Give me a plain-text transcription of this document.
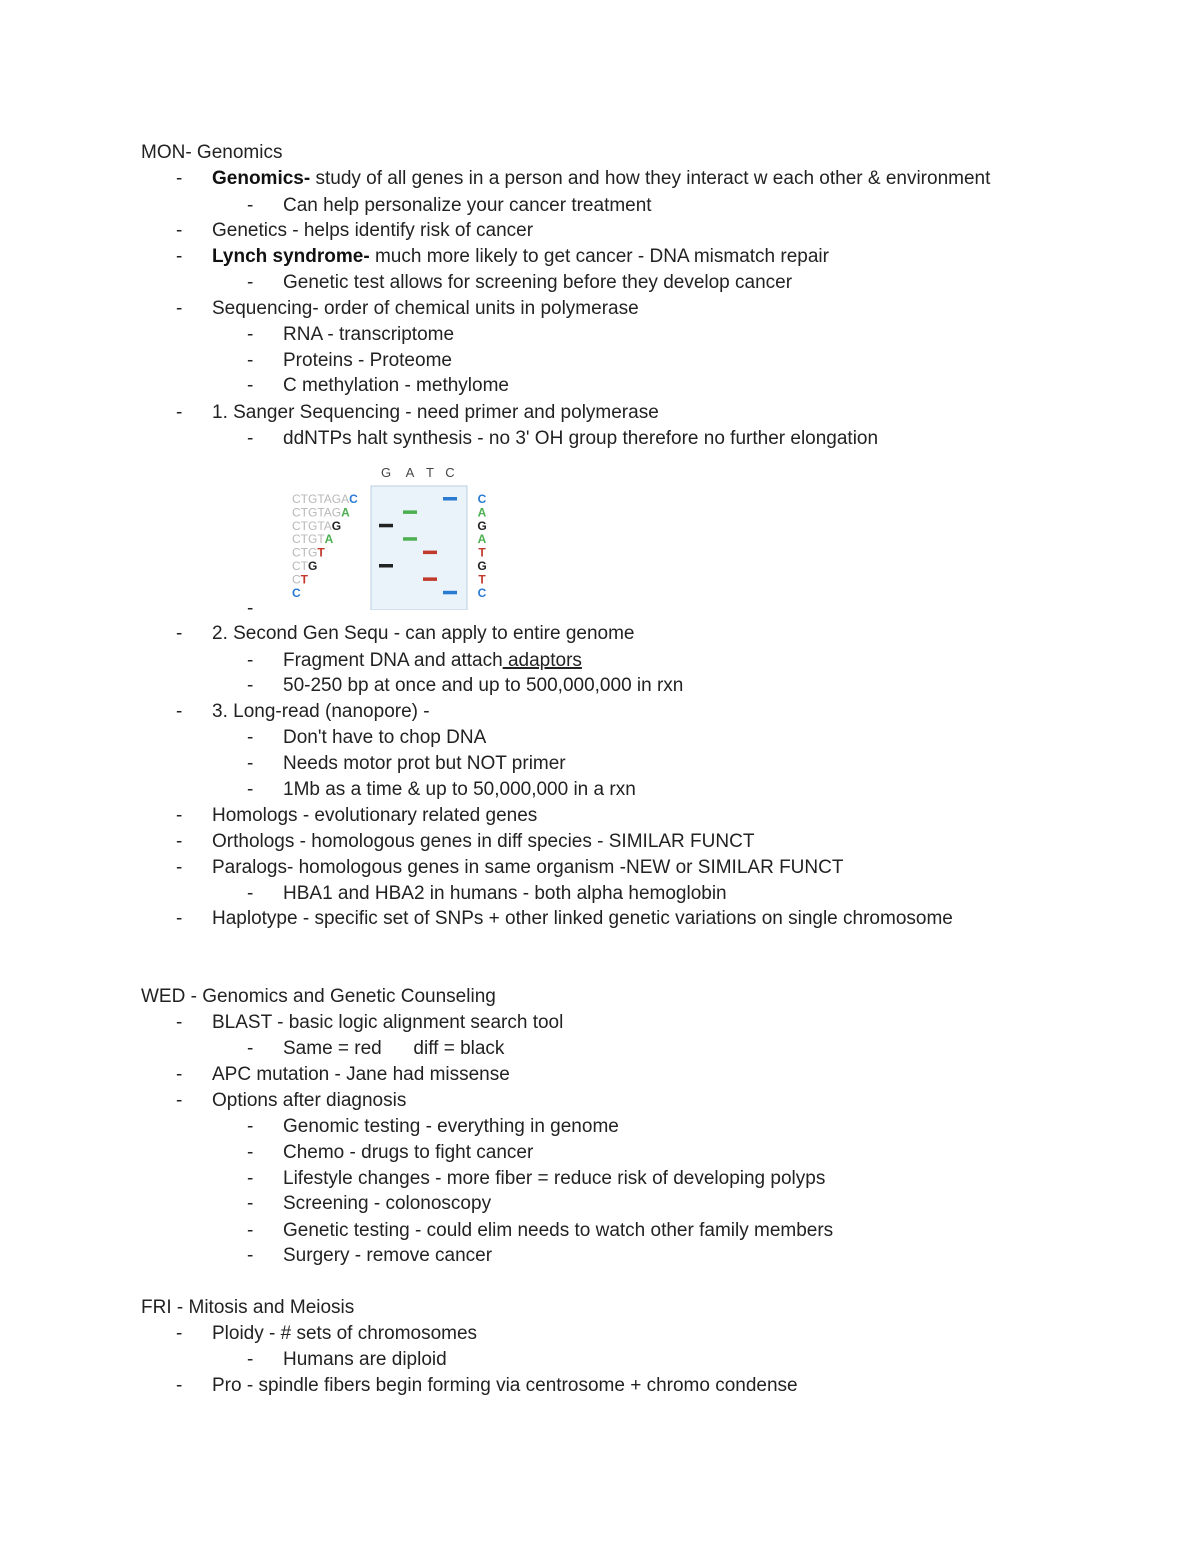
MON- Genomics
- Genomics- study of all genes in a person and how they interact w each other & environment
- Can help personalize your cancer treatment
- Genetics - helps identify risk of cancer
- Lynch syndrome- much more likely to get cancer - DNA mismatch repair
- Genetic test allows for screening before they develop cancer
- Sequencing- order of chemical units in polymerase
- RNA - transcriptome
- Proteins - Proteome
- C methylation - methylome
- 1. Sanger Sequencing - need primer and polymerase
- ddNTPs halt synthesis - no 3' OH group therefore no further elongation
G A T C
CTGTAGAC
CTGTAGA
CTGTAG
CTGTA
CTGT
CTG
CT
C
C
A
G
A
T
G
T
C
-
- 2. Second Gen Sequ - can apply to entire genome
- Fragment DNA and attach adaptors
- 50-250 bp at once and up to 500,000,000 in rxn
- 3. Long-read (nanopore) -
- Don't have to chop DNA
- Needs motor prot but NOT primer
- 1Mb as a time & up to 50,000,000 in a rxn
- Homologs - evolutionary related genes
- Orthologs - homologous genes in diff species - SIMILAR FUNCT
- Paralogs- homologous genes in same organism -NEW or SIMILAR FUNCT
- HBA1 and HBA2 in humans - both alpha hemoglobin
- Haplotype - specific set of SNPs + other linked genetic variations on single chromosome
WED - Genomics and Genetic Counseling
- BLAST - basic logic alignment search tool
- Same = red      diff = black
- APC mutation - Jane had missense
- Options after diagnosis
- Genomic testing - everything in genome
- Chemo - drugs to fight cancer
- Lifestyle changes - more fiber = reduce risk of developing polyps
- Screening - colonoscopy
- Genetic testing - could elim needs to watch other family members
- Surgery - remove cancer
FRI - Mitosis and Meiosis
- Ploidy - # sets of chromosomes
- Humans are diploid
- Pro - spindle fibers begin forming via centrosome + chromo condense
